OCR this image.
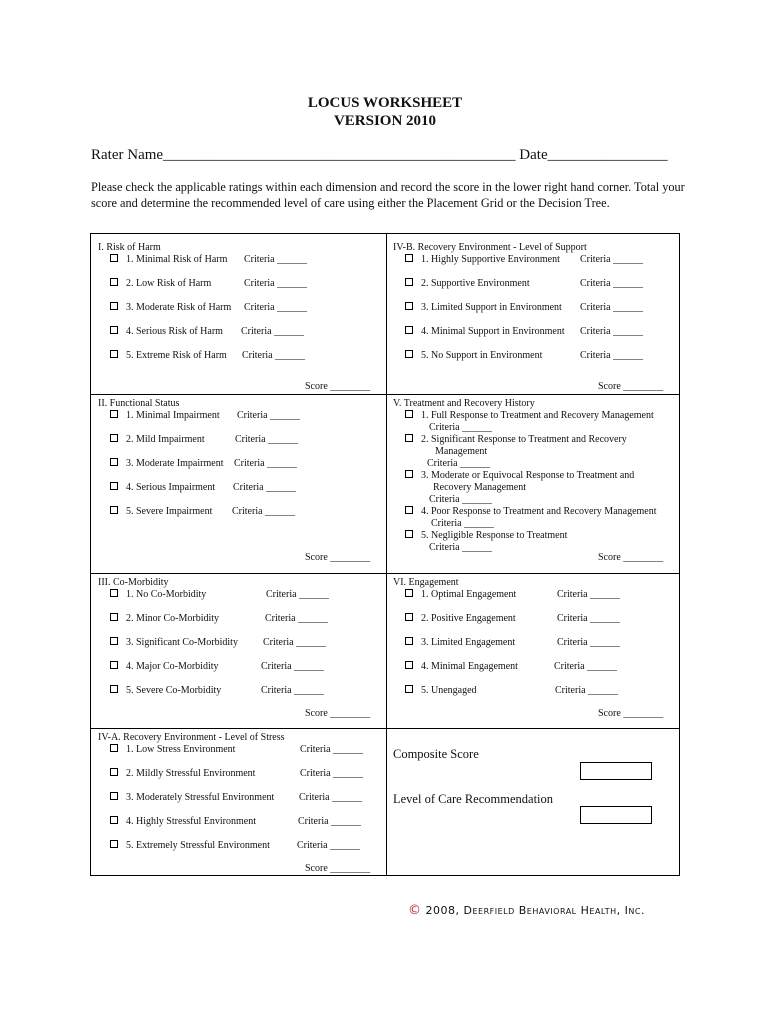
LOCUS WORKSHEET
VERSION 2010
Rater Name_______________________________________________ Date________________
Please check the applicable ratings within each dimension and record the score in the lower right hand corner. Total your score and determine the recommended level of care using either the Placement Grid or the Decision Tree.
I. Risk of Harm
1. Minimal Risk of Harm Criteria ______
2. Low Risk of Harm	Criteria ______
3. Moderate Risk of Harm Criteria ______
4. Serious Risk of Harm Criteria ______
5. Extreme Risk of Harm Criteria ______
Score ________
IV-B. Recovery Environment - Level of Support
1. Highly Supportive Environment Criteria ______
2. Supportive Environment	Criteria ______
3. Limited Support in Environment Criteria ______
4. Minimal Support in Environment Criteria ______
5. No Support in Environment	Criteria ______
Score ________
II. Functional Status
1. Minimal Impairment Criteria ______
2. Mild Impairment	Criteria ______
3. Moderate Impairment Criteria ______
4. Serious Impairment Criteria ______
5. Severe Impairment Criteria ______
Score ________
V. Treatment and Recovery History
1. Full Response to Treatment and Recovery Management
Criteria ______
2. Significant Response to Treatment and Recovery
Management
Criteria ______
3. Moderate or Equivocal Response to Treatment and
Recovery Management
Criteria ______
4. Poor Response to Treatment and Recovery Management
Criteria ______
5. Negligible Response to Treatment
Criteria ______
Score ________
III. Co-Morbidity
1. No Co-Morbidity	Criteria ______
2. Minor Co-Morbidity	Criteria ______
3. Significant Co-Morbidity	Criteria ______
4. Major Co-Morbidity	Criteria ______
5. Severe Co-Morbidity	Criteria ______
Score ________
VI. Engagement
1. Optimal Engagement	Criteria ______
2. Positive Engagement	Criteria ______
3. Limited Engagement	Criteria ______
4. Minimal Engagement	Criteria ______
5. Unengaged	Criteria ______
Score ________
IV-A. Recovery Environment - Level of Stress
1. Low Stress Environment	Criteria ______
2. Mildly Stressful Environment	Criteria ______
3. Moderately Stressful Environment Criteria ______
4. Highly Stressful Environment	Criteria ______
5. Extremely Stressful Environment	Criteria ______
Score ________
Composite Score
Level of Care Recommendation
© 2008, Deerfield Behavioral Health, Inc.
